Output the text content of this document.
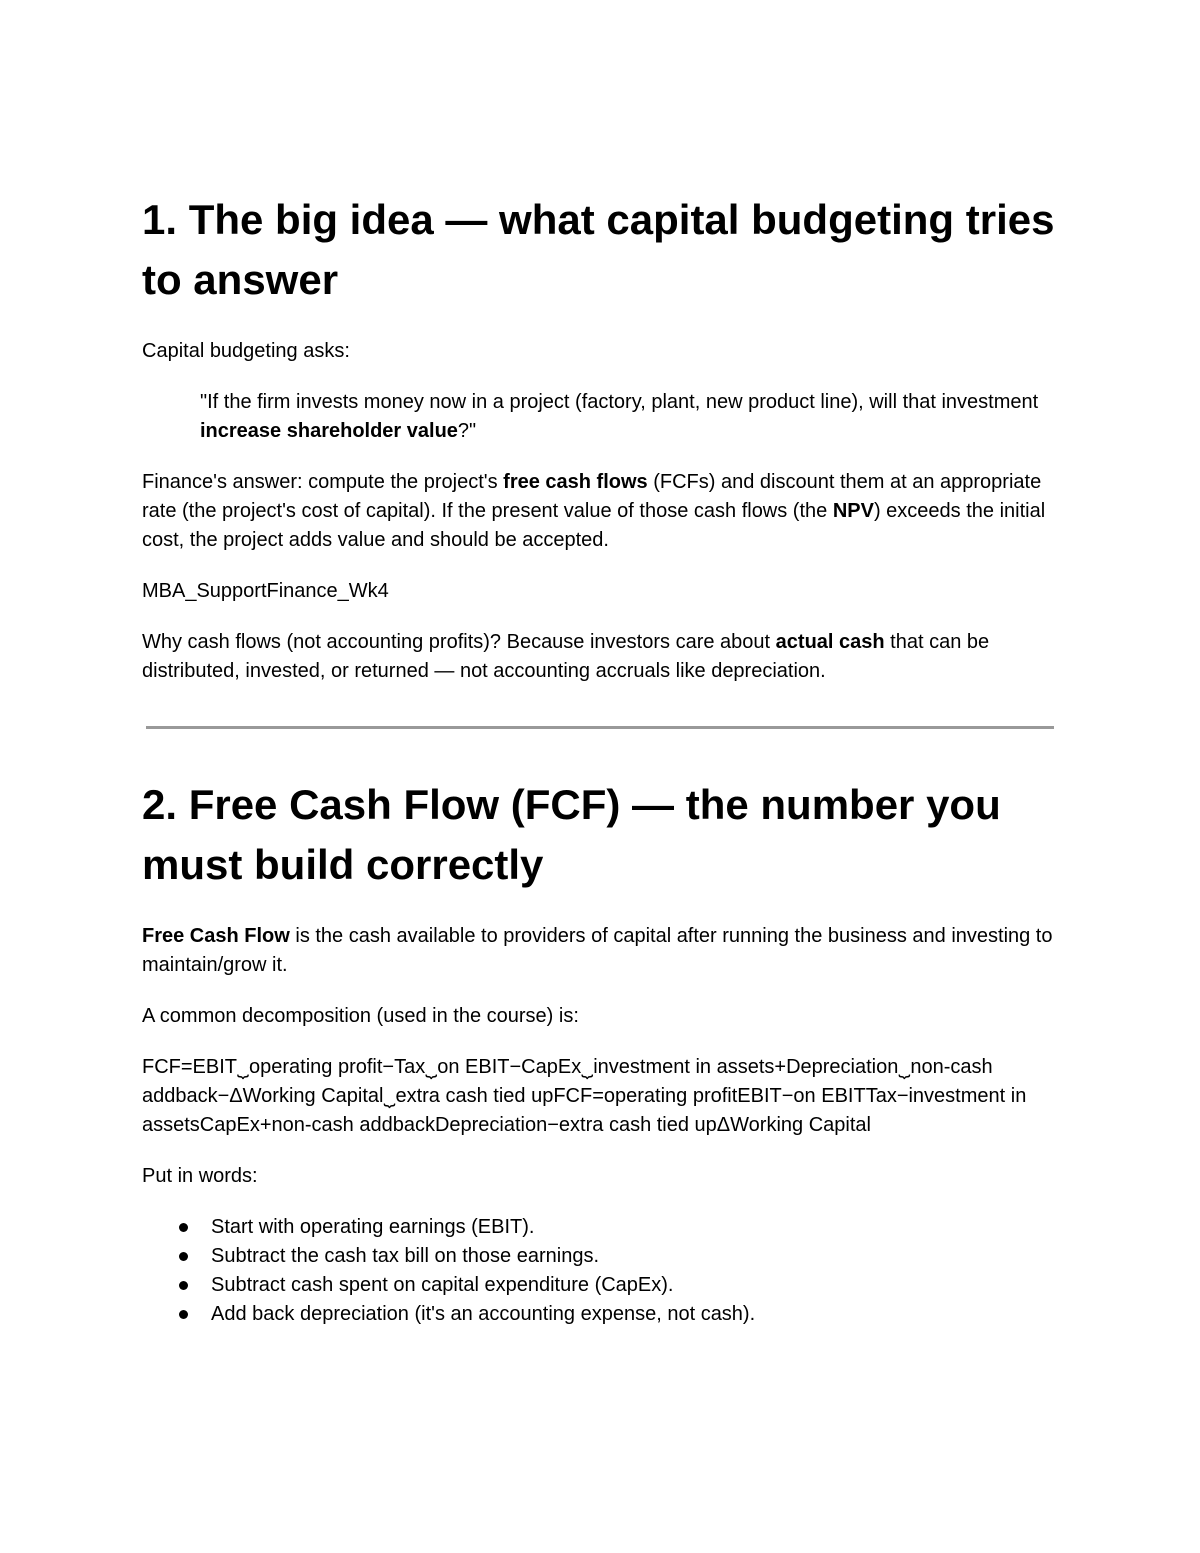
1. The big idea — what capital budgeting tries to answer

Capital budgeting asks:

"If the firm invests money now in a project (factory, plant, new product line), will that investment increase shareholder value?"

Finance's answer: compute the project's free cash flows (FCFs) and discount them at an appropriate rate (the project's cost of capital). If the present value of those cash flows (the NPV) exceeds the initial cost, the project adds value and should be accepted.

MBA_SupportFinance_Wk4

Why cash flows (not accounting profits)? Because investors care about actual cash that can be distributed, invested, or returned — not accounting accruals like depreciation.

2. Free Cash Flow (FCF) — the number you must build correctly

Free Cash Flow is the cash available to providers of capital after running the business and investing to maintain/grow it.

A common decomposition (used in the course) is:

FCF=EBIT⏟operating profit−Tax⏟on EBIT−CapEx⏟investment in assets+Depreciation⏟non-cash addback−ΔWorking Capital⏟extra cash tied upFCF=operating profitEBIT−on EBITTax−investment in assetsCapEx+non-cash addbackDepreciation−extra cash tied upΔWorking Capital

Put in words:

Start with operating earnings (EBIT).
Subtract the cash tax bill on those earnings.
Subtract cash spent on capital expenditure (CapEx).
Add back depreciation (it's an accounting expense, not cash).
